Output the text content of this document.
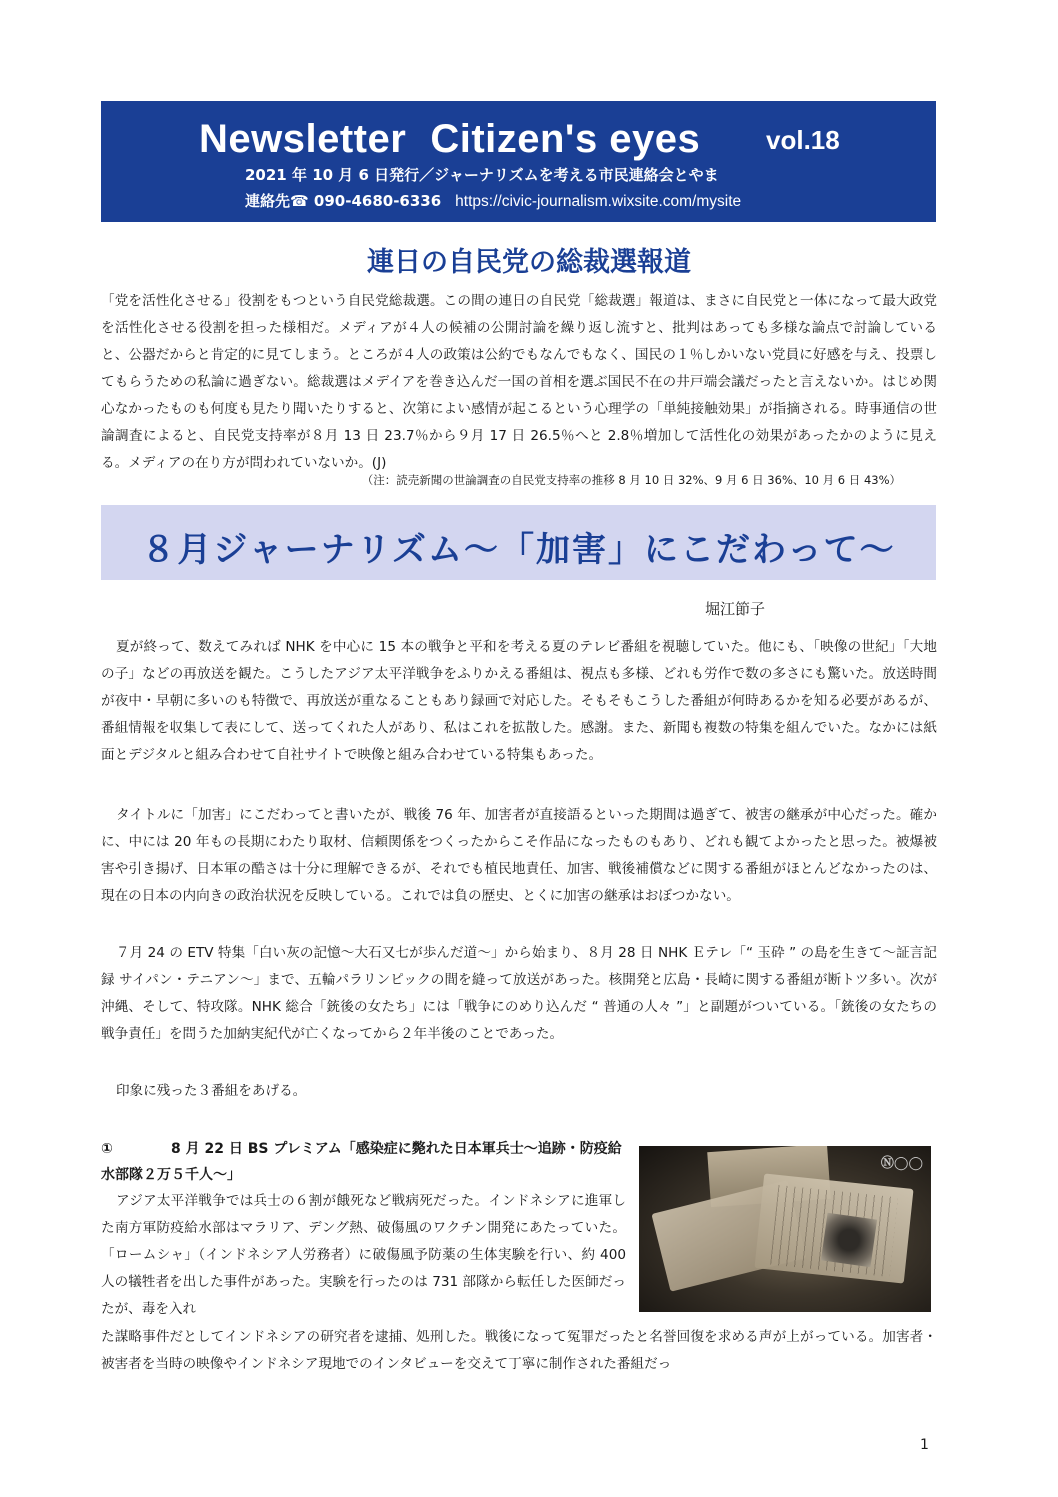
Newsletter Citizen's eyes	vol.18
2021 年 10 月 6 日発行／ジャーナリズムを考える市民連絡会とやま
連絡先☎ 090-4680-6336 https://civic-journalism.wixsite.com/mysite
連日の自民党の総裁選報道

「党を活性化させる」役割をもつという自民党総裁選。この間の連日の自民党「総裁選」報道は、まさに自民党と一体になって最大政党を活性化させる役割を担った様相だ。メディアが４人の候補の公開討論を繰り返し流すと、批判はあっても多様な論点で討論していると、公器だからと肯定的に見てしまう。ところが４人の政策は公約でもなんでもなく、国民の１％しかいない党員に好感を与え、投票してもらうための私論に過ぎない。総裁選はメデイアを巻き込んだ一国の首相を選ぶ国民不在の井戸端会議だったと言えないか。はじめ関心なかったものも何度も見たり聞いたりすると、次第によい感情が起こるという心理学の「単純接触効果」が指摘される。時事通信の世論調査によると、自民党支持率が８月 13 日 23.7％から９月 17 日 26.5％へと 2.8％増加して活性化の効果があったかのように見える。メディアの在り方が問われていないか。(J)

（注：読売新聞の世論調査の自民党支持率の推移 8 月 10 日 32%、9 月 6 日 36%、10 月 6 日 43%）
８月ジャーナリズム～「加害」にこだわって～
堀江節子

夏が終って、数えてみれば NHK を中心に 15 本の戦争と平和を考える夏のテレビ番組を視聴していた。他にも、「映像の世紀」「大地の子」などの再放送を観た。こうしたアジア太平洋戦争をふりかえる番組は、視点も多様、どれも労作で数の多さにも驚いた。放送時間が夜中・早朝に多いのも特徴で、再放送が重なることもあり録画で対応した。そもそもこうした番組が何時あるかを知る必要があるが、番組情報を収集して表にして、送ってくれた人があり、私はこれを拡散した。感謝。また、新聞も複数の特集を組んでいた。なかには紙面とデジタルと組み合わせて自社サイトで映像と組み合わせている特集もあった。

タイトルに「加害」にこだわってと書いたが、戦後 76 年、加害者が直接語るといった期間は過ぎて、被害の継承が中心だった。確かに、中には 20 年もの長期にわたり取材、信頼関係をつくったからこそ作品になったものもあり、どれも観てよかったと思った。被爆被害や引き揚げ、日本軍の酷さは十分に理解できるが、それでも植民地責任、加害、戦後補償などに関する番組がほとんどなかったのは、現在の日本の内向きの政治状況を反映している。これでは負の歴史、とくに加害の継承はおぼつかない。

７月 24 の ETV 特集「白い灰の記憶～大石又七が歩んだ道～」から始まり、８月 28 日 NHK Ｅテレ「“ 玉砕 ” の島を生きて～証言記録 サイパン・テニアン～」まで、五輪パラリンピックの間を縫って放送があった。核開発と広島・長崎に関する番組が断トツ多い。次が沖縄、そして、特攻隊。NHK 総合「銃後の女たち」には「戦争にのめり込んだ “ 普通の人々 ”」と副題がついている。「銃後の女たちの戦争責任」を問うた加納実紀代が亡くなってから２年半後のことであった。

印象に残った３番組をあげる。

①	8 月 22 日 BS プレミアム「感染症に斃れた日本軍兵士～追跡・防疫給水部隊２万５千人～」

アジア太平洋戦争では兵士の６割が餓死など戦病死だった。インドネシアに進軍した南方軍防疫給水部はマラリア、デング熱、破傷風のワクチン開発にあたっていた。「ロームシャ」（インドネシア人労務者）に破傷風予防薬の生体実験を行い、約 400 人の犠牲者を出した事件があった。実験を行ったのは 731 部隊から転任した医師だったが、毒を入れ

た謀略事件だとしてインドネシアの研究者を逮捕、処刑した。戦後になって冤罪だったと名誉回復を求める声が上がっている。加害者・被害者を当時の映像やインドネシア現地でのインタビューを交えて丁寧に制作された番組だっ

Ⓝ◯◯
1
